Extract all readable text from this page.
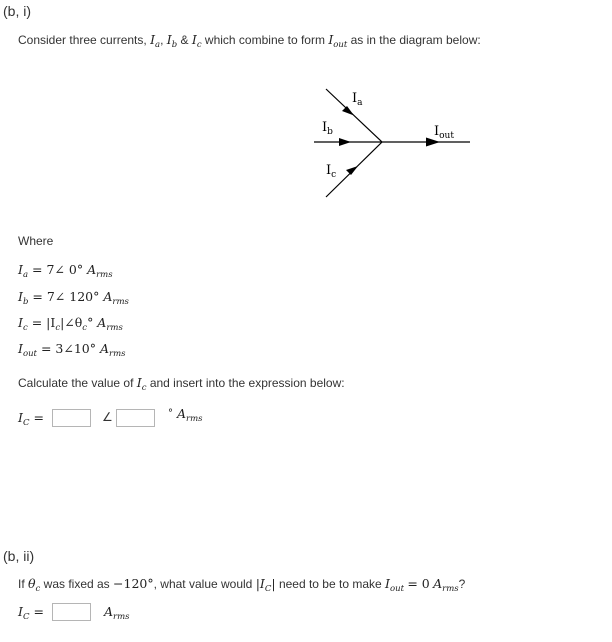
(b, i)
Consider three currents, $I_a$, $I_b$ & $I_c$ which combine to form $I_{out}$ as in the diagram below:
$I_a$
$I_b$
$I_c$
$I_{out}$
Where
$I_a$ = 7∠ 0° $A_{rms}$
$I_b$ = 7∠ 120° $A_{rms}$
$I_c$ = $|I_c|\angle\theta_c^\circ$ $A_{rms}$
$I_{out}$ = 3∠10° $A_{rms}$
Calculate the value of $I_c$ and insert into the expression below:
$I_C$ =	∠	° $A_{rms}$
(b, ii)
If $\theta_c$ was fixed as −120°, what value would $|I_C|$ need to be to make $I_{out} = 0$ $A_{rms}$?
$I_C$ =	$A_{rms}$
